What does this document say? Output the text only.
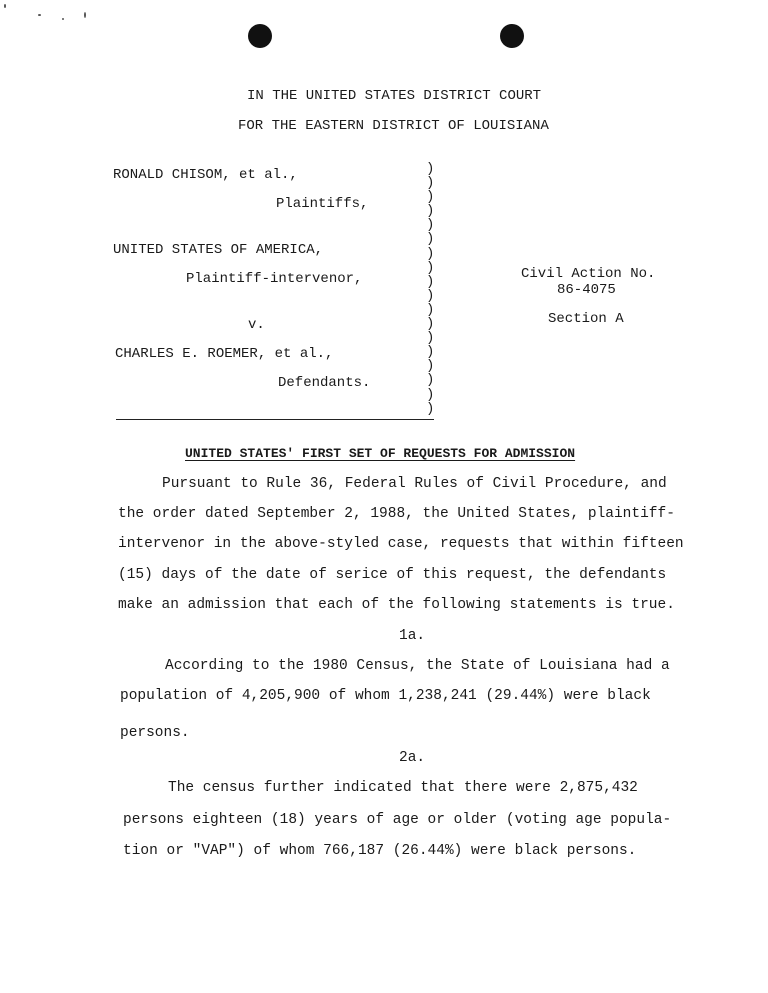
IN THE UNITED STATES DISTRICT COURT
FOR THE EASTERN DISTRICT OF LOUISIANA
RONALD CHISOM, et al.,
Plaintiffs,
UNITED STATES OF AMERICA,
Plaintiff-intervenor,
v.
CHARLES E. ROEMER, et al.,
Defendants.
)
)
)
)
)
)
)
)
)
)
)
)
)
)
)
)
)
)
Civil Action No.
86-4075
Section A
UNITED STATES' FIRST SET OF REQUESTS FOR ADMISSION
Pursuant to Rule 36, Federal Rules of Civil Procedure, and
the order dated September 2, 1988, the United States, plaintiff-
intervenor in the above-styled case, requests that within fifteen
(15) days of the date of serice of this request, the defendants
make an admission that each of the following statements is true.
1a.
According to the 1980 Census, the State of Louisiana had a
population of 4,205,900 of whom 1,238,241 (29.44%) were black
persons.
2a.
The census further indicated that there were 2,875,432
persons eighteen (18) years of age or older (voting age popula-
tion or "VAP") of whom 766,187 (26.44%) were black persons.
